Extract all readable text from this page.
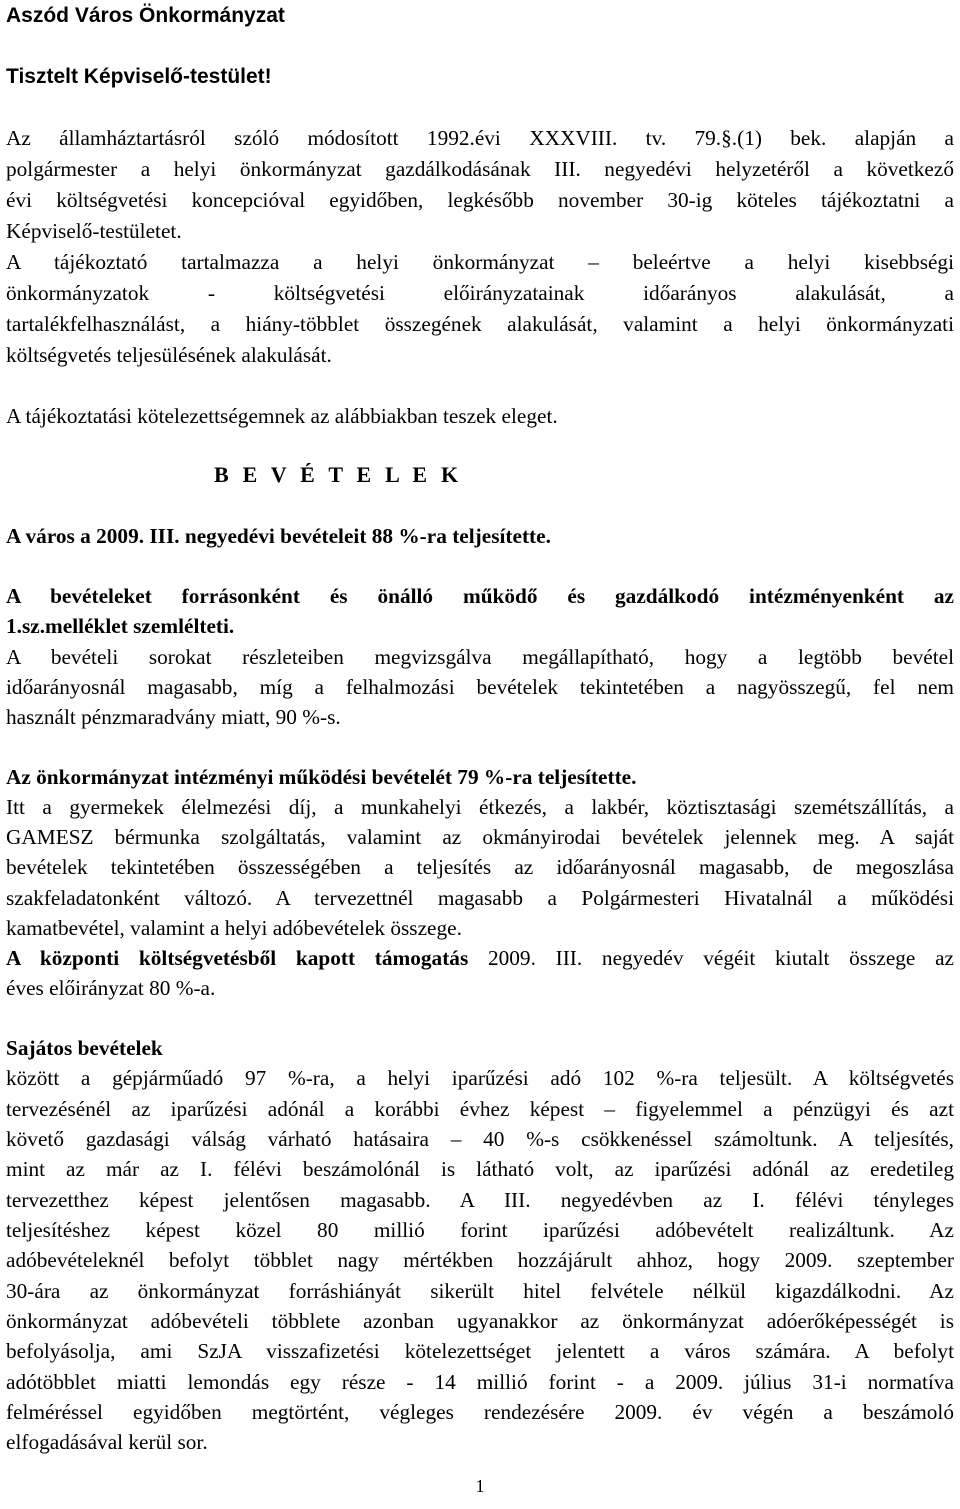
Aszód Város Önkormányzat
Tisztelt Képviselő-testület!
Az államháztartásról szóló módosított 1992.évi XXXVIII. tv. 79.§.(1) bek. alapján a
polgármester a helyi önkormányzat gazdálkodásának III. negyedévi helyzetéről a következő
évi költségvetési koncepcióval egyidőben, legkésőbb november 30-ig köteles tájékoztatni a
Képviselő-testületet.
A tájékoztató tartalmazza a helyi önkormányzat – beleértve a helyi kisebbségi
önkormányzatok - költségvetési előirányzatainak időarányos alakulását, a
tartalékfelhasználást, a hiány-többlet összegének alakulását, valamint a helyi önkormányzati
költségvetés teljesülésének alakulását.
A tájékoztatási kötelezettségemnek az alábbiakban teszek eleget.
B E V É T E L E K
A város a 2009. III. negyedévi bevételeit 88 %-ra teljesítette.
A bevételeket forrásonként és önálló működő és gazdálkodó intézményenként az
1.sz.melléklet szemlélteti.
A bevételi sorokat részleteiben megvizsgálva megállapítható, hogy a legtöbb bevétel
időarányosnál magasabb, míg a felhalmozási bevételek tekintetében a nagyösszegű, fel nem
használt pénzmaradvány miatt, 90 %-s.
Az önkormányzat intézményi működési bevételét 79 %-ra teljesítette.
Itt a gyermekek élelmezési díj, a munkahelyi étkezés, a lakbér, köztisztasági szemétszállítás, a
GAMESZ bérmunka szolgáltatás, valamint az okmányirodai bevételek jelennek meg. A saját
bevételek tekintetében összességében a teljesítés az időarányosnál magasabb, de megoszlása
szakfeladatonként változó. A tervezettnél magasabb a Polgármesteri Hivatalnál a működési
kamatbevétel, valamint a helyi adóbevételek összege.
A központi költségvetésből kapott támogatás 2009. III. negyedév végéit kiutalt összege az
éves előirányzat 80 %-a.
Sajátos bevételek
között a gépjárműadó 97 %-ra, a helyi iparűzési adó 102 %-ra teljesült. A költségvetés
tervezésénél az iparűzési adónál a korábbi évhez képest – figyelemmel a pénzügyi és azt
követő gazdasági válság várható hatásaira – 40 %-s csökkenéssel számoltunk. A teljesítés,
mint az már az I. félévi beszámolónál is látható volt, az iparűzési adónál az eredetileg
tervezetthez képest jelentősen magasabb. A III. negyedévben az I. félévi tényleges
teljesítéshez képest közel 80 millió forint iparűzési adóbevételt realizáltunk. Az
adóbevételeknél befolyt többlet nagy mértékben hozzájárult ahhoz, hogy 2009. szeptember
30-ára az önkormányzat forráshiányát sikerült hitel felvétele nélkül kigazdálkodni. Az
önkormányzat adóbevételi többlete azonban ugyanakkor az önkormányzat adóerőképességét is
befolyásolja, ami SzJA visszafizetési kötelezettséget jelentett a város számára. A befolyt
adótöbblet miatti lemondás egy része - 14 millió forint - a 2009. július 31-i normatíva
felméréssel egyidőben megtörtént, végleges rendezésére 2009. év végén a beszámoló
elfogadásával kerül sor.
1
